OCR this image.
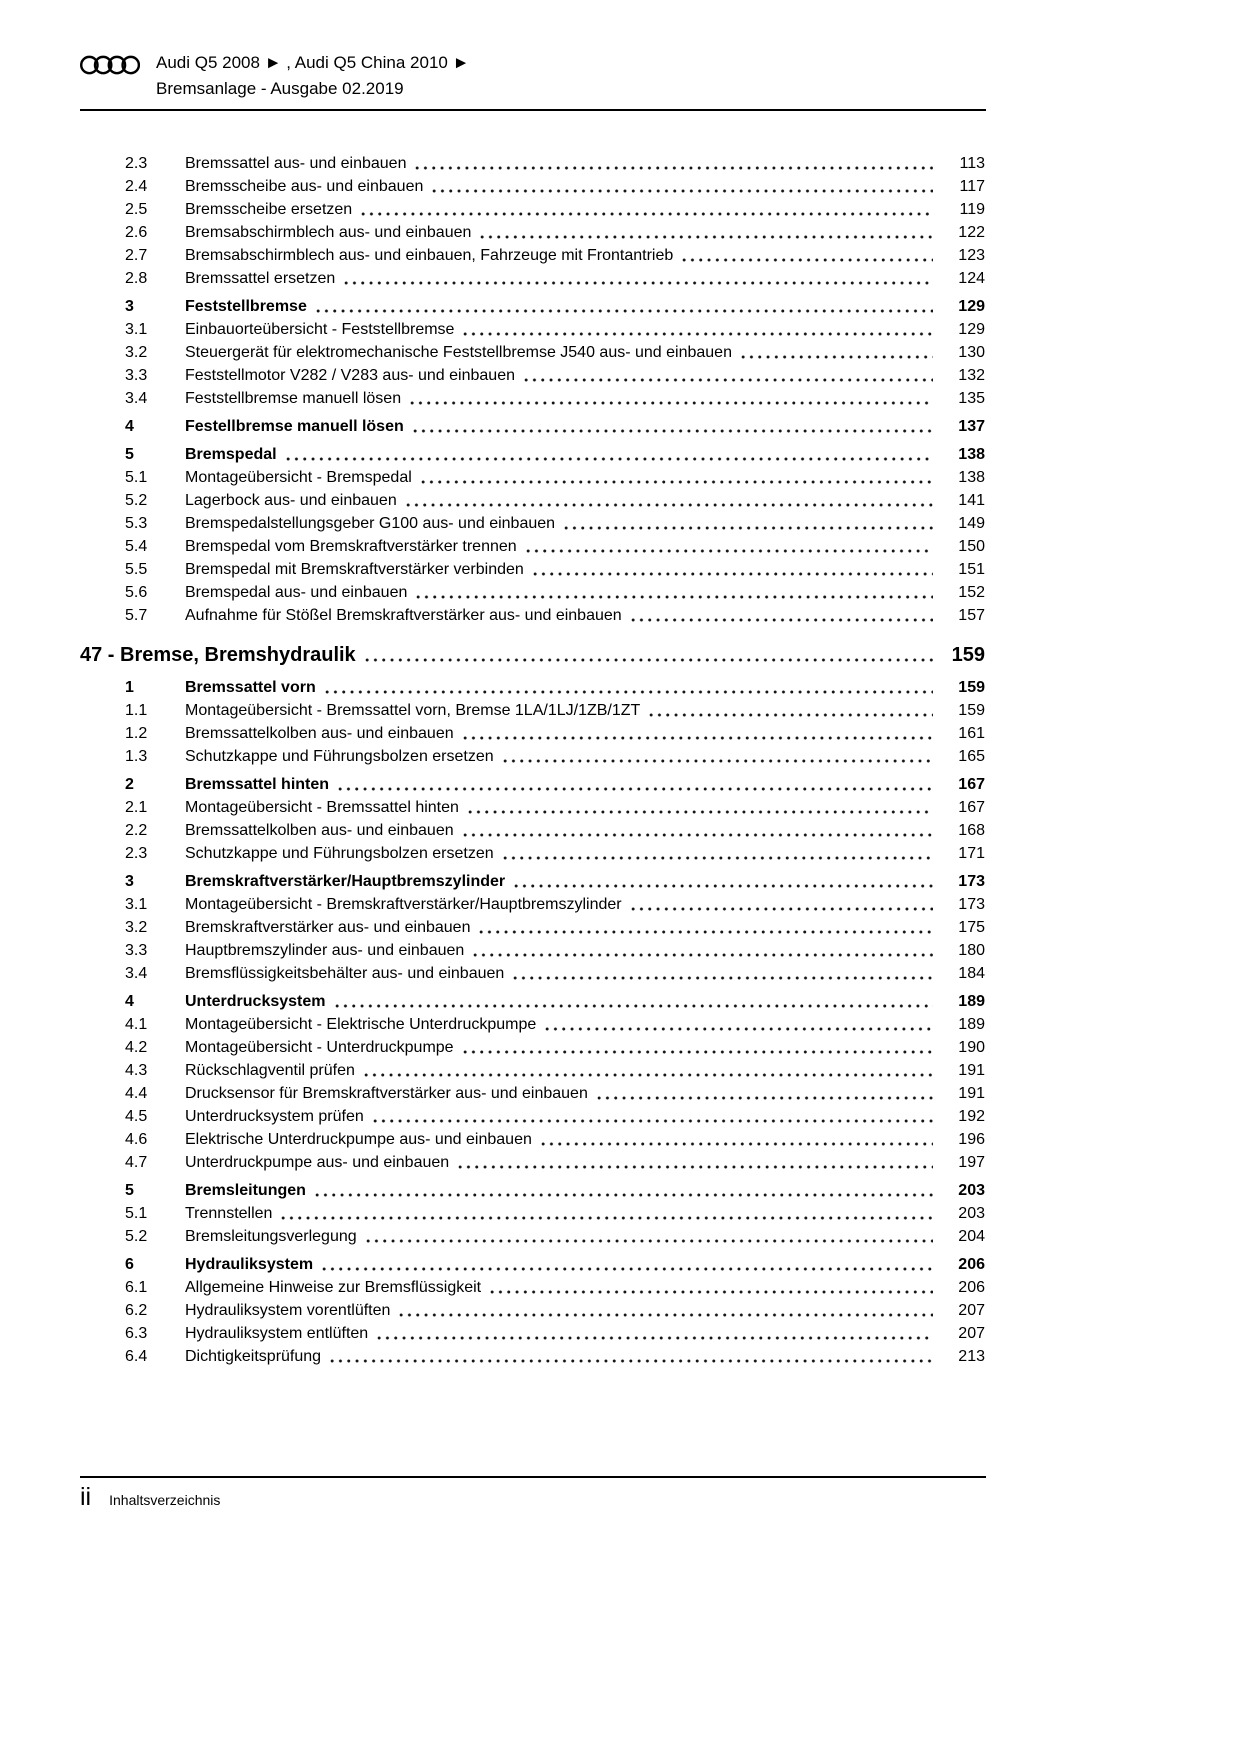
Audi Q5 2008 ► , Audi Q5 China 2010 ►
Bremsanlage - Ausgabe 02.2019
2.3	Bremssattel aus- und einbauen	113
2.4	Bremsscheibe aus- und einbauen	117
2.5	Bremsscheibe ersetzen	119
2.6	Bremsabschirmblech aus- und einbauen	122
2.7	Bremsabschirmblech aus- und einbauen, Fahrzeuge mit Frontantrieb	123
2.8	Bremssattel ersetzen	124
3	Feststellbremse	129
3.1	Einbauorteübersicht - Feststellbremse	129
3.2	Steuergerät für elektromechanische Feststellbremse J540 aus- und einbauen	130
3.3	Feststellmotor V282 / V283 aus- und einbauen	132
3.4	Feststellbremse manuell lösen	135
4	Festellbremse manuell lösen	137
5	Bremspedal	138
5.1	Montageübersicht - Bremspedal	138
5.2	Lagerbock aus- und einbauen	141
5.3	Bremspedalstellungsgeber G100 aus- und einbauen	149
5.4	Bremspedal vom Bremskraftverstärker trennen	150
5.5	Bremspedal mit Bremskraftverstärker verbinden	151
5.6	Bremspedal aus- und einbauen	152
5.7	Aufnahme für Stößel Bremskraftverstärker aus- und einbauen	157
47 - Bremse, Bremshydraulik	159
1	Bremssattel vorn	159
1.1	Montageübersicht - Bremssattel vorn, Bremse 1LA/1LJ/1ZB/1ZT	159
1.2	Bremssattelkolben aus- und einbauen	161
1.3	Schutzkappe und Führungsbolzen ersetzen	165
2	Bremssattel hinten	167
2.1	Montageübersicht - Bremssattel hinten	167
2.2	Bremssattelkolben aus- und einbauen	168
2.3	Schutzkappe und Führungsbolzen ersetzen	171
3	Bremskraftverstärker/Hauptbremszylinder	173
3.1	Montageübersicht - Bremskraftverstärker/Hauptbremszylinder	173
3.2	Bremskraftverstärker aus- und einbauen	175
3.3	Hauptbremszylinder aus- und einbauen	180
3.4	Bremsflüssigkeitsbehälter aus- und einbauen	184
4	Unterdrucksystem	189
4.1	Montageübersicht - Elektrische Unterdruckpumpe	189
4.2	Montageübersicht - Unterdruckpumpe	190
4.3	Rückschlagventil prüfen	191
4.4	Drucksensor für Bremskraftverstärker aus- und einbauen	191
4.5	Unterdrucksystem prüfen	192
4.6	Elektrische Unterdruckpumpe aus- und einbauen	196
4.7	Unterdruckpumpe aus- und einbauen	197
5	Bremsleitungen	203
5.1	Trennstellen	203
5.2	Bremsleitungsverlegung	204
6	Hydrauliksystem	206
6.1	Allgemeine Hinweise zur Bremsflüssigkeit	206
6.2	Hydrauliksystem vorentlüften	207
6.3	Hydrauliksystem entlüften	207
6.4	Dichtigkeitsprüfung	213
ii Inhaltsverzeichnis
